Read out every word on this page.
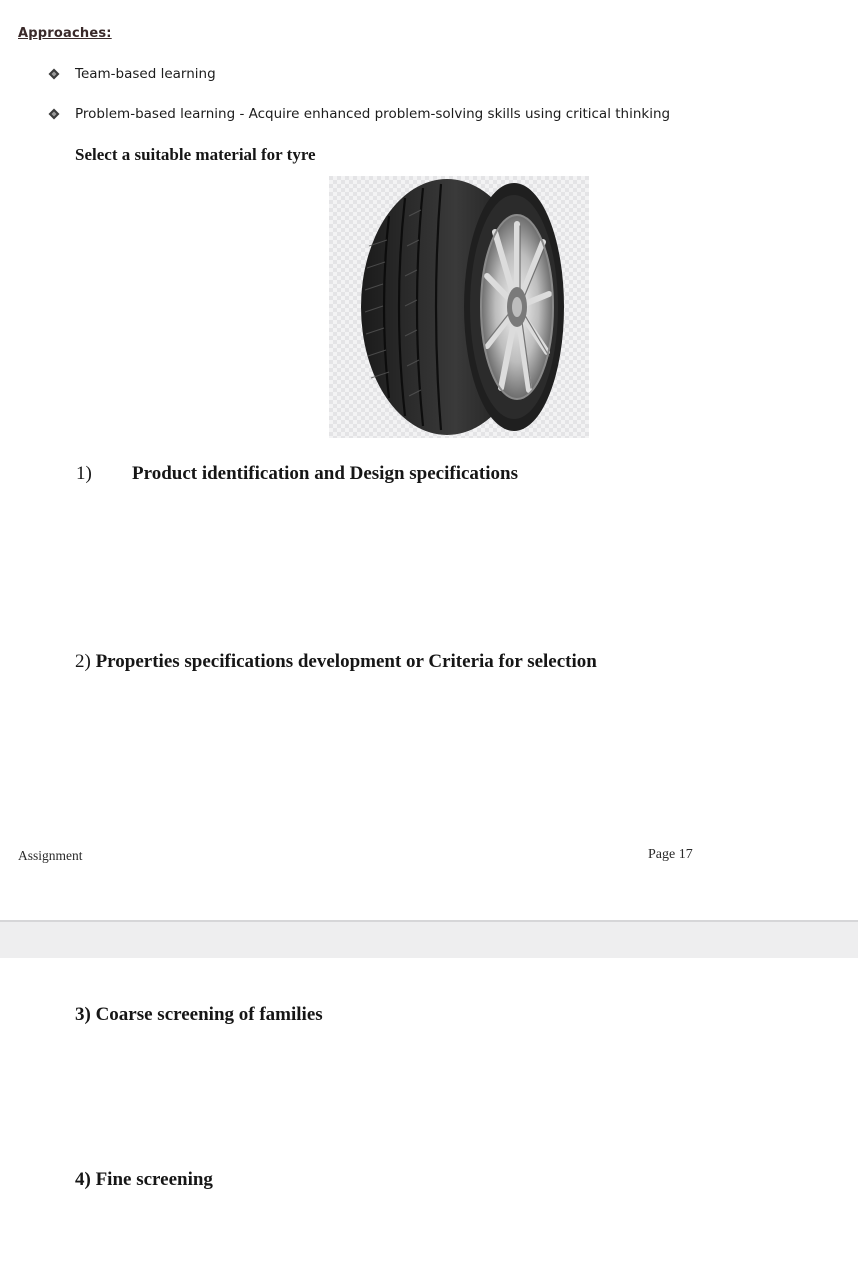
Approaches:
Team-based learning
Problem-based learning - Acquire enhanced problem-solving skills using critical thinking
Select a suitable material for tyre
1) Product identification and Design specifications
2) Properties specifications development or Criteria for selection
Assignment	Page 17
3) Coarse screening of families
4) Fine screening
